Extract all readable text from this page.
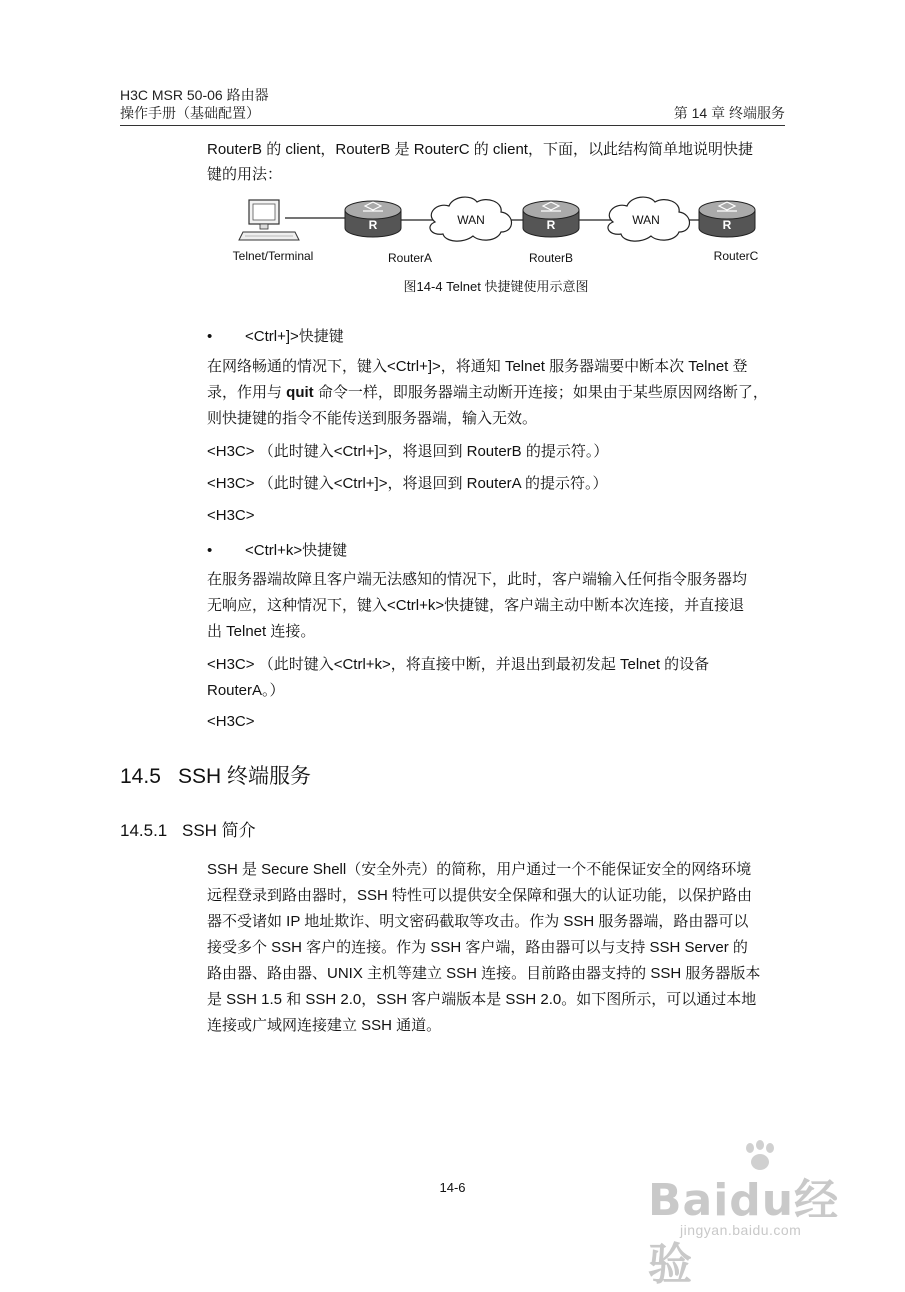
H3C MSR 50-06 路由器
操作手册（基础配置）	第 14 章 终端服务
RouterB 的 client，RouterB 是 RouterC 的 client，下面，以此结构简单地说明快捷
键的用法：
R	WAN	R	WAN	R
Telnet/Terminal	RouterA	RouterB	RouterC
图14-4 Telnet 快捷键使用示意图
• <Ctrl+]>快捷键
在网络畅通的情况下，键入<Ctrl+]>，将通知 Telnet 服务器端要中断本次 Telnet 登
录，作用与 quit 命令一样，即服务器端主动断开连接；如果由于某些原因网络断了，
则快捷键的指令不能传送到服务器端，输入无效。
<H3C> （此时键入<Ctrl+]>，将退回到 RouterB 的提示符。）
<H3C> （此时键入<Ctrl+]>，将退回到 RouterA 的提示符。）
<H3C>
• <Ctrl+k>快捷键
在服务器端故障且客户端无法感知的情况下，此时，客户端输入任何指令服务器均
无响应，这种情况下，键入<Ctrl+k>快捷键，客户端主动中断本次连接，并直接退
出 Telnet 连接。
<H3C> （此时键入<Ctrl+k>，将直接中断，并退出到最初发起 Telnet 的设备
RouterA。）
<H3C>
14.5 SSH 终端服务
14.5.1 SSH 简介
SSH 是 Secure Shell（安全外壳）的简称，用户通过一个不能保证安全的网络环境
远程登录到路由器时，SSH 特性可以提供安全保障和强大的认证功能，以保护路由
器不受诸如 IP 地址欺诈、明文密码截取等攻击。作为 SSH 服务器端，路由器可以
接受多个 SSH 客户的连接。作为 SSH 客户端，路由器可以与支持 SSH Server 的
路由器、路由器、UNIX 主机等建立 SSH 连接。目前路由器支持的 SSH 服务器版本
是 SSH 1.5 和 SSH 2.0，SSH 客户端版本是 SSH 2.0。如下图所示，可以通过本地
连接或广域网连接建立 SSH 通道。
14-6	Baidu经验
jingyan.baidu.com
